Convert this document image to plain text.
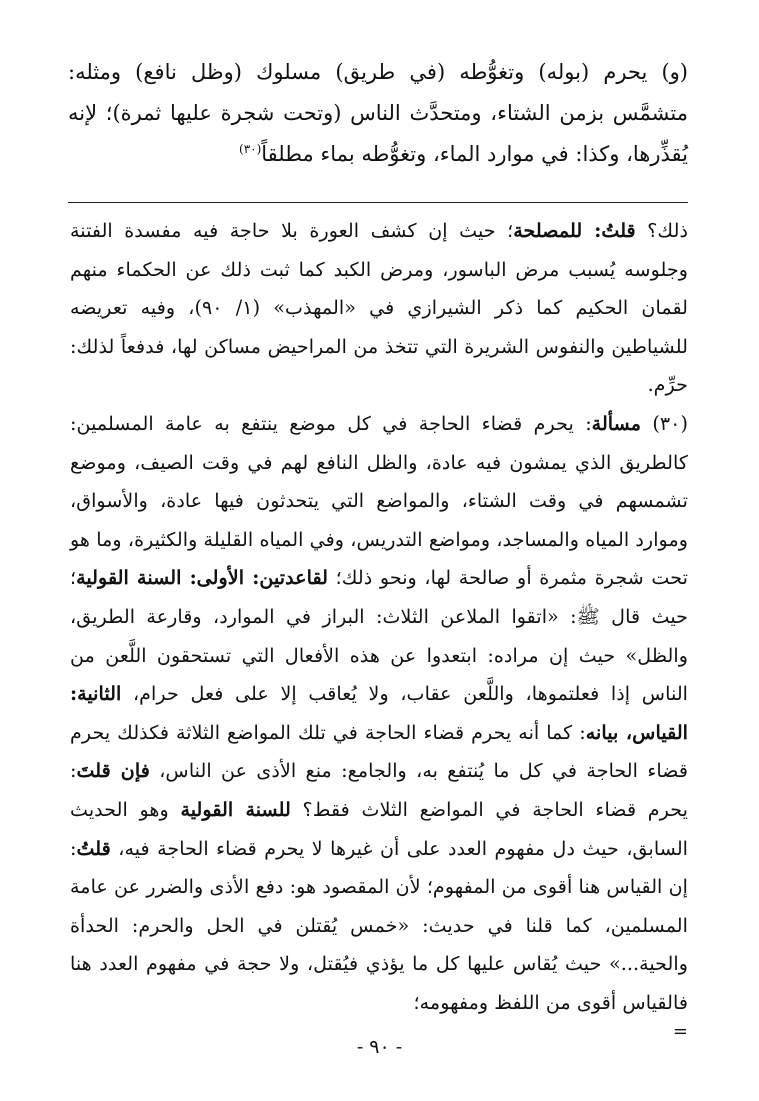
(و) يحرم (بوله) وتغوُّطه (في طريق) مسلوك (وظل نافع) ومثله: متشمَّس بزمن الشتاء، ومتحدَّث الناس (وتحت شجرة عليها ثمرة)؛ لإنه يُقذِّرها، وكذا: في موارد الماء، وتغوُّطه بماء مطلقاً$^{(٣٠)}$

ذلك؟ قلتُ: للمصلحة؛ حيث إن كشف العورة بلا حاجة فيه مفسدة الفتنة وجلوسه يُسبب مرض الباسور، ومرض الكبد كما ثبت ذلك عن الحكماء منهم لقمان الحكيم كما ذكر الشيرازي في «المهذب» (١/ ٩٠)، وفيه تعريضه للشياطين والنفوس الشريرة التي تتخذ من المراحيض مساكن لها، فدفعاً لذلك: حرِّم.

(٣٠) مسألة: يحرم قضاء الحاجة في كل موضع ينتفع به عامة المسلمين: كالطريق الذي يمشون فيه عادة، والظل النافع لهم في وقت الصيف، وموضع تشمسهم في وقت الشتاء، والمواضع التي يتحدثون فيها عادة، والأسواق، وموارد المياه والمساجد، ومواضع التدريس، وفي المياه القليلة والكثيرة، وما هو تحت شجرة مثمرة أو صالحة لها، ونحو ذلك؛ لقاعدتين: الأولى: السنة القولية؛ حيث قال ﷺ: «اتقوا الملاعن الثلاث: البراز في الموارد، وقارعة الطريق، والظل» حيث إن مراده: ابتعدوا عن هذه الأفعال التي تستحقون اللَّعن من الناس إذا فعلتموها، واللَّعن عقاب، ولا يُعاقب إلا على فعل حرام، الثانية: القياس، بيانه: كما أنه يحرم قضاء الحاجة في تلك المواضع الثلاثة فكذلك يحرم قضاء الحاجة في كل ما يُنتفع به، والجامع: منع الأذى عن الناس، فإن قلتَ: يحرم قضاء الحاجة في المواضع الثلاث فقط؟ للسنة القولية وهو الحديث السابق، حيث دل مفهوم العدد على أن غيرها لا يحرم قضاء الحاجة فيه، قلتُ: إن القياس هنا أقوى من المفهوم؛ لأن المقصود هو: دفع الأذى والضرر عن عامة المسلمين، كما قلنا في حديث: «خمس يُقتلن في الحل والحرم: الحدأة والحية...» حيث يُقاس عليها كل ما يؤذي فيُقتل، ولا حجة في مفهوم العدد هنا فالقياس أقوى من اللفظ ومفهومه؛
=

- ٩٠ -
